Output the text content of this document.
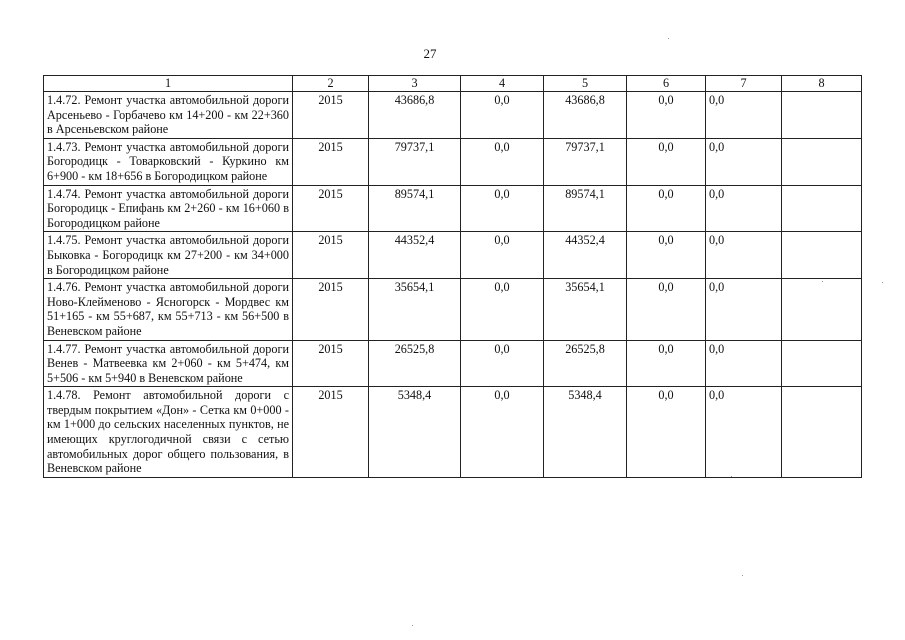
27
1	2	3	4	5	6	7	8
1.4.72. Ремонт участка автомобильной дороги Арсеньево - Горбачево км 14+200 - км 22+360 в Арсеньевском районе	2015	43686,8	0,0	43686,8	0,0	0,0	
1.4.73. Ремонт участка автомобильной дороги Богородицк - Товарковский - Куркино км 6+900 - км 18+656 в Богородицком районе	2015	79737,1	0,0	79737,1	0,0	0,0	
1.4.74. Ремонт участка автомобильной дороги Богородицк - Епифань км 2+260 - км 16+060 в Богородицком районе	2015	89574,1	0,0	89574,1	0,0	0,0	
1.4.75. Ремонт участка автомобильной дороги Быковка - Богородицк км 27+200 - км 34+000 в Богородицком районе	2015	44352,4	0,0	44352,4	0,0	0,0	
1.4.76. Ремонт участка автомобильной дороги Ново-Клейменово - Ясногорск - Мордвес км 51+165 - км 55+687, км 55+713 - км 56+500 в Веневском районе	2015	35654,1	0,0	35654,1	0,0	0,0	
1.4.77. Ремонт участка автомобильной дороги Венев - Матвеевка км 2+060 - км 5+474, км 5+506 - км 5+940 в Веневском районе	2015	26525,8	0,0	26525,8	0,0	0,0	
1.4.78. Ремонт автомобильной дороги с твердым покрытием «Дон» - Сетка км 0+000 - км 1+000 до сельских населенных пунктов, не имеющих круглогодичной связи с сетью автомобильных дорог общего пользования, в Веневском районе	2015	5348,4	0,0	5348,4	0,0	0,0	
